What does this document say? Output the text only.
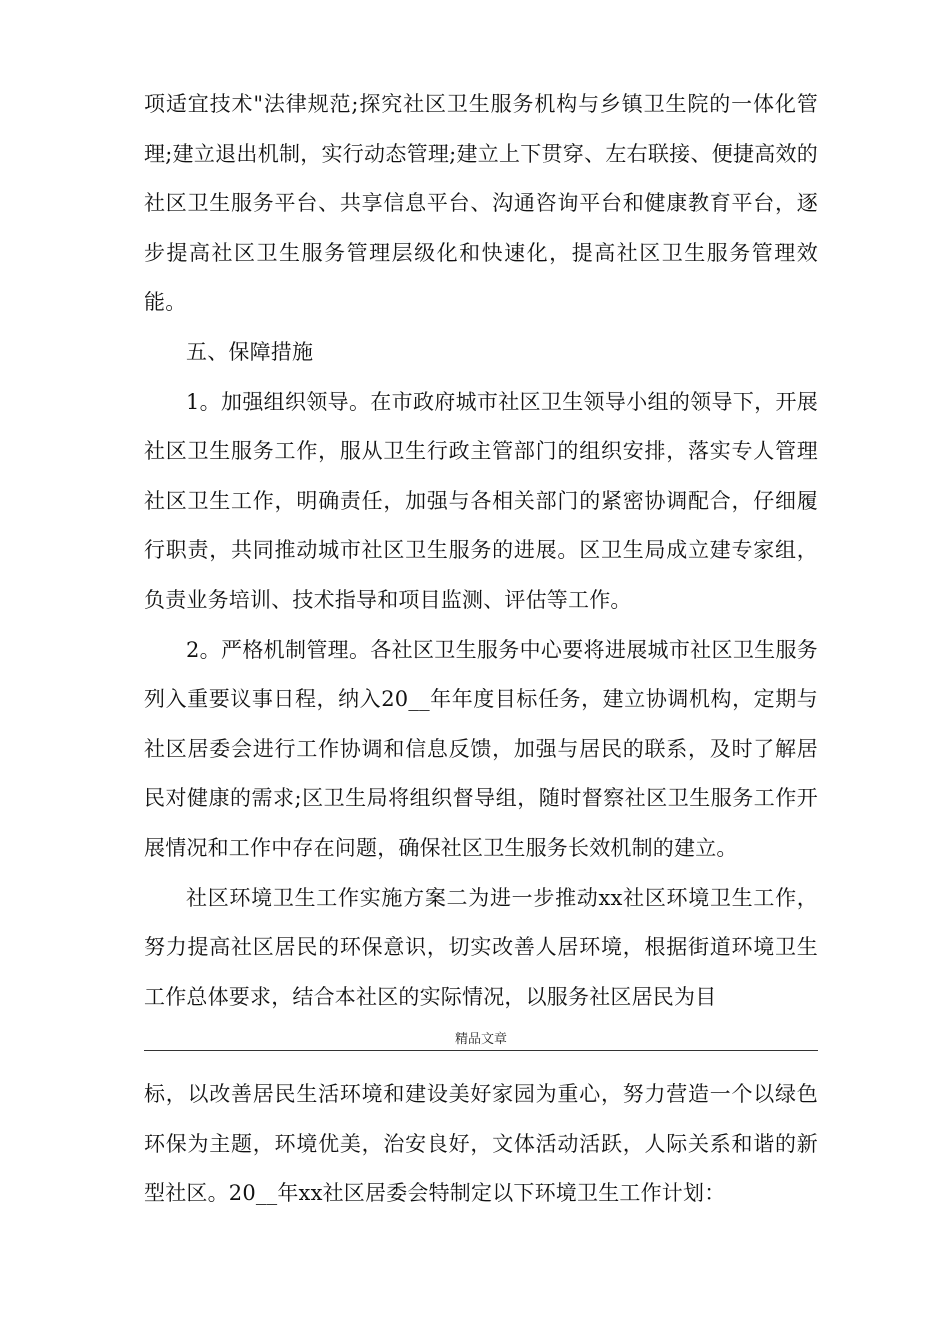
项适宜技术"法律规范;探究社区卫生服务机构与乡镇卫生院的一体化管理;建立退出机制，实行动态管理;建立上下贯穿、左右联接、便捷高效的社区卫生服务平台、共享信息平台、沟通咨询平台和健康教育平台，逐步提高社区卫生服务管理层级化和快速化，提高社区卫生服务管理效能。

五、保障措施

1。加强组织领导。在市政府城市社区卫生领导小组的领导下，开展社区卫生服务工作，服从卫生行政主管部门的组织安排，落实专人管理社区卫生工作，明确责任，加强与各相关部门的紧密协调配合，仔细履行职责，共同推动城市社区卫生服务的进展。区卫生局成立建专家组，负责业务培训、技术指导和项目监测、评估等工作。

2。严格机制管理。各社区卫生服务中心要将进展城市社区卫生服务列入重要议事日程，纳入20__年年度目标任务，建立协调机构，定期与社区居委会进行工作协调和信息反馈，加强与居民的联系，及时了解居民对健康的需求;区卫生局将组织督导组，随时督察社区卫生服务工作开展情况和工作中存在问题，确保社区卫生服务长效机制的建立。

社区环境卫生工作实施方案二为进一步推动xx社区环境卫生工作，努力提高社区居民的环保意识，切实改善人居环境，根据街道环境卫生工作总体要求，结合本社区的实际情况，以服务社区居民为目

精品文章

标，以改善居民生活环境和建设美好家园为重心，努力营造一个以绿色环保为主题，环境优美，治安良好，文体活动活跃，人际关系和谐的新型社区。20__年xx社区居委会特制定以下环境卫生工作计划：
